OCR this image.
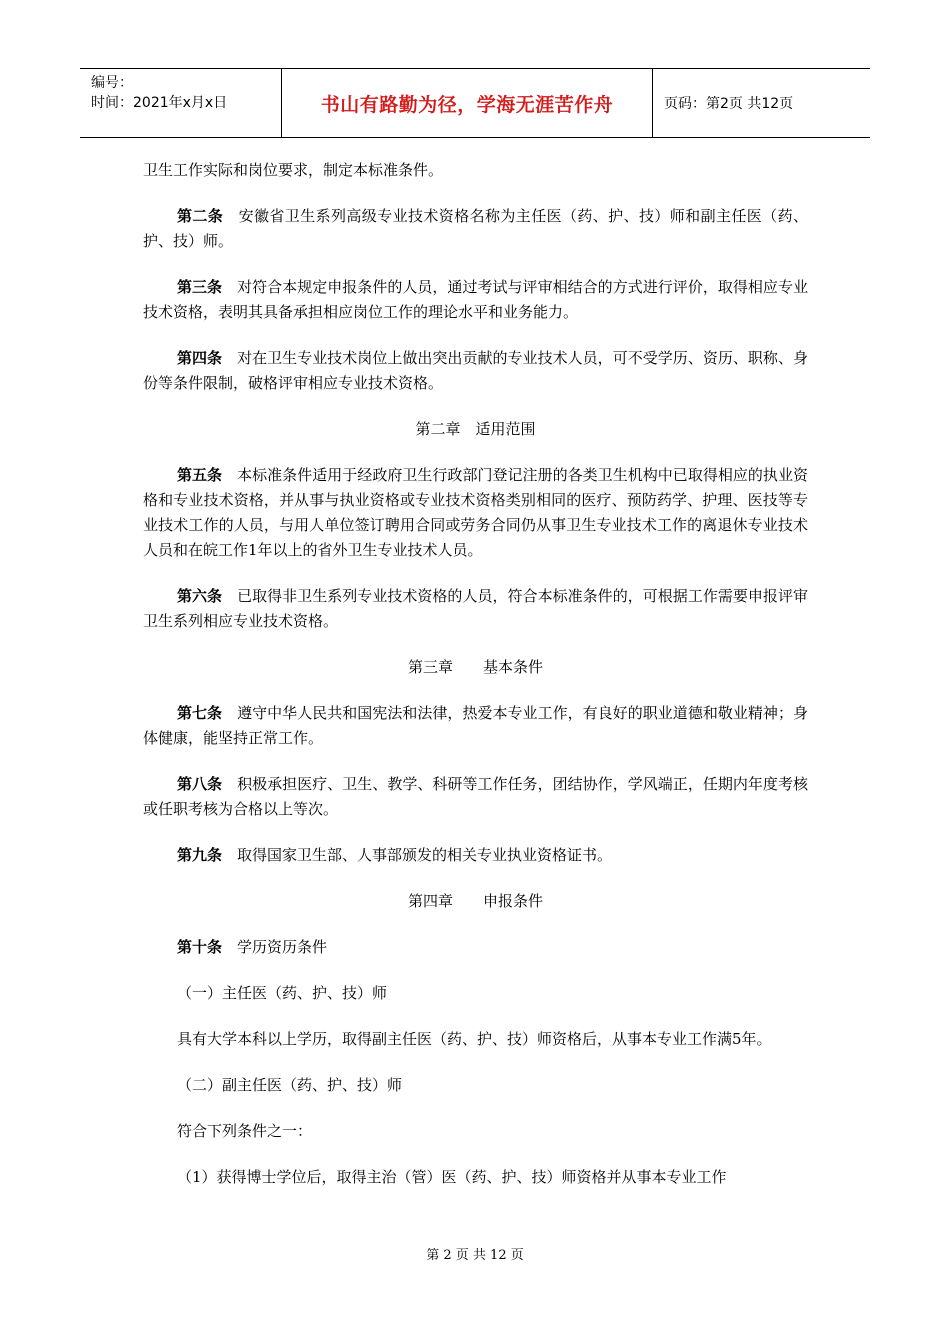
编号：
时间：2021年x月x日	书山有路勤为径，学海无涯苦作舟	页码：第2页 共12页

卫生工作实际和岗位要求，制定本标准条件。

第二条　安徽省卫生系列高级专业技术资格名称为主任医（药、护、技）师和副主任医（药、护、技）师。

第三条　对符合本规定申报条件的人员，通过考试与评审相结合的方式进行评价，取得相应专业技术资格，表明其具备承担相应岗位工作的理论水平和业务能力。

第四条　对在卫生专业技术岗位上做出突出贡献的专业技术人员，可不受学历、资历、职称、身份等条件限制，破格评审相应专业技术资格。

第二章　适用范围

第五条　本标准条件适用于经政府卫生行政部门登记注册的各类卫生机构中已取得相应的执业资格和专业技术资格，并从事与执业资格或专业技术资格类别相同的医疗、预防药学、护理、医技等专业技术工作的人员，与用人单位签订聘用合同或劳务合同仍从事卫生专业技术工作的离退休专业技术人员和在皖工作1年以上的省外卫生专业技术人员。

第六条　已取得非卫生系列专业技术资格的人员，符合本标准条件的，可根据工作需要申报评审卫生系列相应专业技术资格。

第三章　　基本条件

第七条　遵守中华人民共和国宪法和法律，热爱本专业工作，有良好的职业道德和敬业精神；身体健康，能坚持正常工作。

第八条　积极承担医疗、卫生、教学、科研等工作任务，团结协作，学风端正，任期内年度考核或任职考核为合格以上等次。

第九条　取得国家卫生部、人事部颁发的相关专业执业资格证书。

第四章　　申报条件

第十条　学历资历条件

（一）主任医（药、护、技）师

具有大学本科以上学历，取得副主任医（药、护、技）师资格后，从事本专业工作满5年。

（二）副主任医（药、护、技）师

符合下列条件之一：

（1）获得博士学位后，取得主治（管）医（药、护、技）师资格并从事本专业工作

第 2 页 共 12 页
